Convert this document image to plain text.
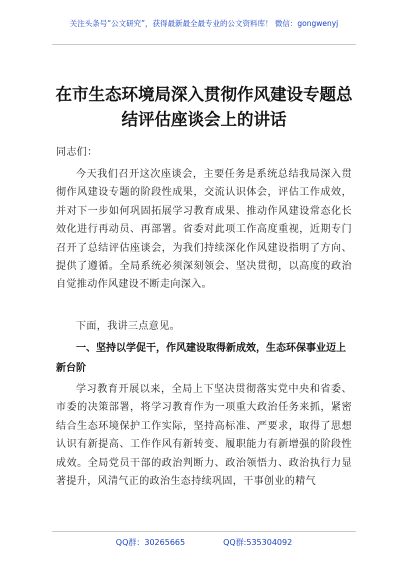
关注头条号“公文研究”，获得最新最全最专业的公文资料库！ 微信：gongwenyj
在市生态环境局深入贯彻作风建设专题总结评估座谈会上的讲话
同志们：
今天我们召开这次座谈会，主要任务是系统总结我局深入贯彻作风建设专题的阶段性成果，交流认识体会，评估工作成效，并对下一步如何巩固拓展学习教育成果、推动作风建设常态化长效化进行再动员、再部署。省委对此项工作高度重视，近期专门召开了总结评估座谈会，为我们持续深化作风建设指明了方向、提供了遵循。全局系统必须深刻领会、坚决贯彻，以高度的政治自觉推动作风建设不断走向深入。
下面，我讲三点意见。
一、坚持以学促干，作风建设取得新成效，生态环保事业迈上新台阶
学习教育开展以来，全局上下坚决贯彻落实党中央和省委、市委的决策部署，将学习教育作为一项重大政治任务来抓，紧密结合生态环境保护工作实际，坚持高标准、严要求，取得了思想认识有新提高、工作作风有新转变、履职能力有新增强的阶段性成效。全局党员干部的政治判断力、政治领悟力、政治执行力显著提升，风清气正的政治生态持续巩固，干事创业的精气
QQ群：30265665	QQ群:535304092
